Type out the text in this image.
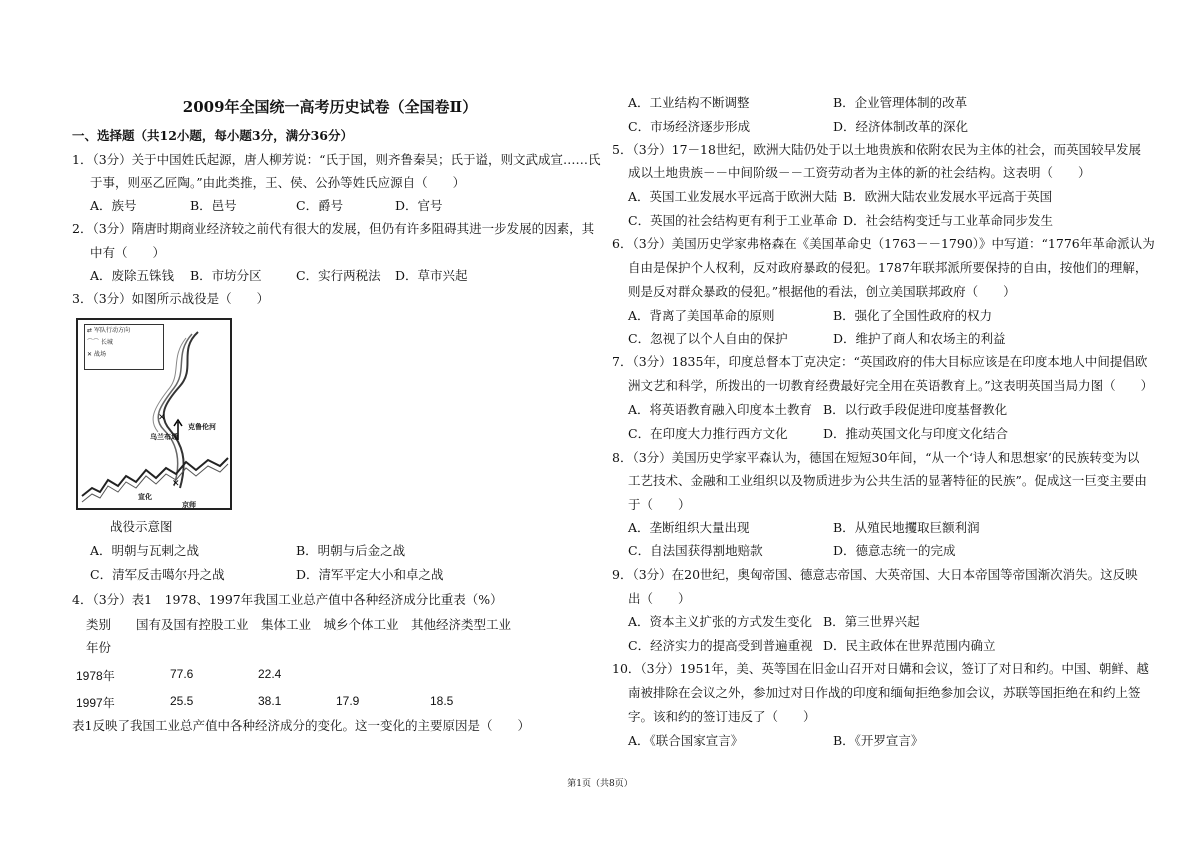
2009年全国统一高考历史试卷（全国卷Ⅱ）
一、选择题（共12小题，每小题3分，满分36分）
1．（3分）关于中国姓氏起源，唐人柳芳说：“氏于国，则齐鲁秦吴；氏于谥，则文武成宣……氏
于事，则巫乙匠陶。”由此类推，王、侯、公孙等姓氏应源自（　　）
A．族号	B．邑号	C．爵号	D．官号
2．（3分）隋唐时期商业经济较之前代有很大的发展，但仍有许多阻碍其进一步发展的因素，其
中有（　　）
A．废除五铢钱 B．市坊分区	C．实行两税法 D．草市兴起
3．（3分）如图所示战役是（　　）
⇄ 军队行动方向
⌒⌒ 长城
✕ 战场
✕
✕
克鲁伦河
乌兰布通
宣化
京师
战役示意图
A．明朝与瓦剌之战	B．明朝与后金之战
C．清军反击噶尔丹之战	D．清军平定大小和卓之战
4．（3分）表1　1978、1997年我国工业总产值中各种经济成分比重表（%）
类别　　国有及国有控股工业　集体工业　城乡个体工业　其他经济类型工业
年份
1978年	77.6	22.4
1997年	25.5	38.1	17.9	18.5
表1反映了我国工业总产值中各种经济成分的变化。这一变化的主要原因是（　　）
A．工业结构不断调整	B．企业管理体制的改革
C．市场经济逐步形成	D．经济体制改革的深化
5．（3分）17－18世纪，欧洲大陆仍处于以土地贵族和依附农民为主体的社会，而英国较早发展
成以土地贵族－－中间阶级－－工资劳动者为主体的新的社会结构。这表明（　　）
A．英国工业发展水平远高于欧洲大陆 B．欧洲大陆农业发展水平远高于英国
C．英国的社会结构更有利于工业革命 D．社会结构变迁与工业革命同步发生
6．（3分）美国历史学家弗格森在《美国革命史（1763－－1790）》中写道：“1776年革命派认为
自由是保护个人权利，反对政府暴政的侵犯。1787年联邦派所要保持的自由，按他们的理解，
则是反对群众暴政的侵犯。”根据他的看法，创立美国联邦政府（　　）
A．背离了美国革命的原则	B．强化了全国性政府的权力
C．忽视了以个人自由的保护	D．维护了商人和农场主的利益
7．（3分）1835年，印度总督本丁克决定：“英国政府的伟大目标应该是在印度本地人中间提倡欧
洲文艺和科学，所拨出的一切教育经费最好完全用在英语教育上。”这表明英国当局力图（　　）
A．将英语教育融入印度本土教育 B．以行政手段促进印度基督教化
C．在印度大力推行西方文化	D．推动英国文化与印度文化结合
8．（3分）美国历史学家平森认为，德国在短短30年间，“从一个‘诗人和思想家’的民族转变为以
工艺技术、金融和工业组织以及物质进步为公共生活的显著特征的民族”。促成这一巨变主要由
于（　　）
A．垄断组织大量出现	B．从殖民地攫取巨额利润
C．自法国获得割地赔款	D．德意志统一的完成
9．（3分）在20世纪，奥匈帝国、德意志帝国、大英帝国、大日本帝国等帝国渐次消失。这反映
出（　　）
A．资本主义扩张的方式发生变化 B．第三世界兴起
C．经济实力的提高受到普遍重视 D．民主政体在世界范围内确立
10．（3分）1951年，美、英等国在旧金山召开对日媾和会议，签订了对日和约。中国、朝鲜、越
南被排除在会议之外，参加过对日作战的印度和缅甸拒绝参加会议，苏联等国拒绝在和约上签
字。该和约的签订违反了（　　）
A．《联合国家宣言》	B．《开罗宣言》
第1页（共8页）
